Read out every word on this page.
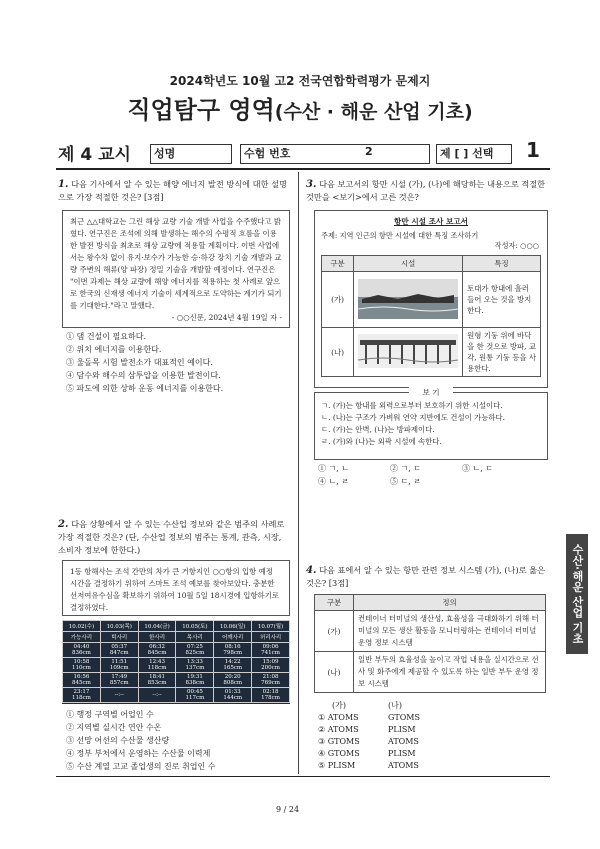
2024학년도 10월 고2 전국연합학력평가 문제지
직업탐구 영역(수산 · 해운 산업 기초)
제 4 교시	성명	수험 번호	2	제 [ ] 선택	1
1. 다음 기사에서 알 수 있는 해양 에너지 발전 방식에 대한 설명으로 가장 적절한 것은? [3점]
최근 △△대학교는 그린 해상 교량 기술 개발 사업을 수주했다고 밝혔다. 연구진은 조석에 의해 발생하는 해수의 수평적 흐름을 이용한 발전 방식을 최초로 해상 교량에 적용할 계획이다. 이번 사업에서는 왕수차 없이 유지·보수가 가능한 승·하강 장치 기술 개발과 교량 주변의 해류(양 파장) 정밀 기술을 개발할 예정이다. 연구진은 "이번 과제는 해상 교량에 해양 에너지를 적용하는 첫 사례로 앞으로 한국의 신재생 에너지 기술이 세계적으로 도약하는 계기가 되기를 기대한다."라고 말했다.
- ○○신문, 2024년 4월 19일 자 -
① 댐 건설이 필요하다.
② 위치 에너지를 이용한다.
③ 울돌목 시험 발전소가 대표적인 예이다.
④ 담수와 해수의 삼투압을 이용한 발전이다.
⑤ 파도에 의한 상하 운동 에너지를 이용한다.
2. 다음 상황에서 알 수 있는 수산업 정보와 같은 범주의 사례로 가장 적절한 것은? (단, 수산업 정보의 범주는 통계, 관측, 시장, 소비자 정보에 한한다.)
1등 항해사는 조석 간만의 차가 큰 거항지인 ○○항의 입항 예정 시간을 결정하기 위하여 스마트 조석 예보를 찾아보았다. 충분한 선저여유수심을 확보하기 위하여 10월 5일 18시경에 입항하기로 결정하였다.
10.02(수)	10.03(목)	10.04(금)	10.05(토)	10.06(일)	10.07(월)
가능사리	턱사리	한사리	목사리	어깨사리	허리사리
04:40 836cm	05:37 847cm	06:32 845cm	07:25 825cm	08:16 798cm	09:06 741cm
10:58 110cm	11:51 109cm	12:43 118cm	13:33 137cm	14:22 165cm	15:09 200cm
16:56 845cm	17:49 857cm	18:41 853cm	19:31 838cm	20:20 808cm	21:08 769cm
23:17 118cm	--:--	--:--	00:45 117cm	01:33 144cm	02:18 178cm
① 행정 구역별 어업인 수
② 지역별 실시간 연안 수온
③ 선망 어선의 수산물 생산량
④ 정부 부처에서 운영하는 수산물 이력제
⑤ 수산 계열 고교 졸업생의 진로 취업인 수
3. 다음 보고서의 항만 시설 (가), (나)에 해당하는 내용으로 적절한 것만을 <보기>에서 고른 것은?
항만 시설 조사 보고서
주제: 지역 인근의 항만 시설에 대한 특징 조사하기
작성자: ○○○
구분	시설	특징
(가)		토대가 항내에 흘러들어 오는 것을 방지한다.
(나)		원형 기둥 위에 바닥을 한 것으로 방파, 교각, 원통 기둥 등을 사용한다.
보 기
ㄱ. (가)는 항내를 외력으로부터 보호하기 위한 시설이다.
ㄴ. (나)는 구조가 가벼워 연약 지반에도 건설이 가능하다.
ㄷ. (가)는 안벽, (나)는 방파제이다.
ㄹ. (가)와 (나)는 외곽 시설에 속한다.
① ㄱ, ㄴ	② ㄱ, ㄷ	③ ㄴ, ㄷ
④ ㄴ, ㄹ	⑤ ㄷ, ㄹ
4. 다음 표에서 알 수 있는 항만 관련 정보 시스템 (가), (나)로 옳은 것은? [3점]
구분	정의
(가)	컨테이너 터미널의 생산성, 효율성을 극대화하기 위해 터미널의 모든 생산 활동을 모니터링하는 컨테이너 터미널 운영 정보 시스템
(나)	일반 부두의 효율성을 높이고 작업 내용을 실시간으로 선사 및 화주에게 제공할 수 있도록 하는 일반 부두 운영 정보 시스템
(가)	(나)
① ATOMS	GTOMS
② ATOMS	PLISM
③ GTOMS	ATOMS
④ GTOMS	PLISM
⑤ PLISM	ATOMS
수산·해운 산업 기초
9 / 24
